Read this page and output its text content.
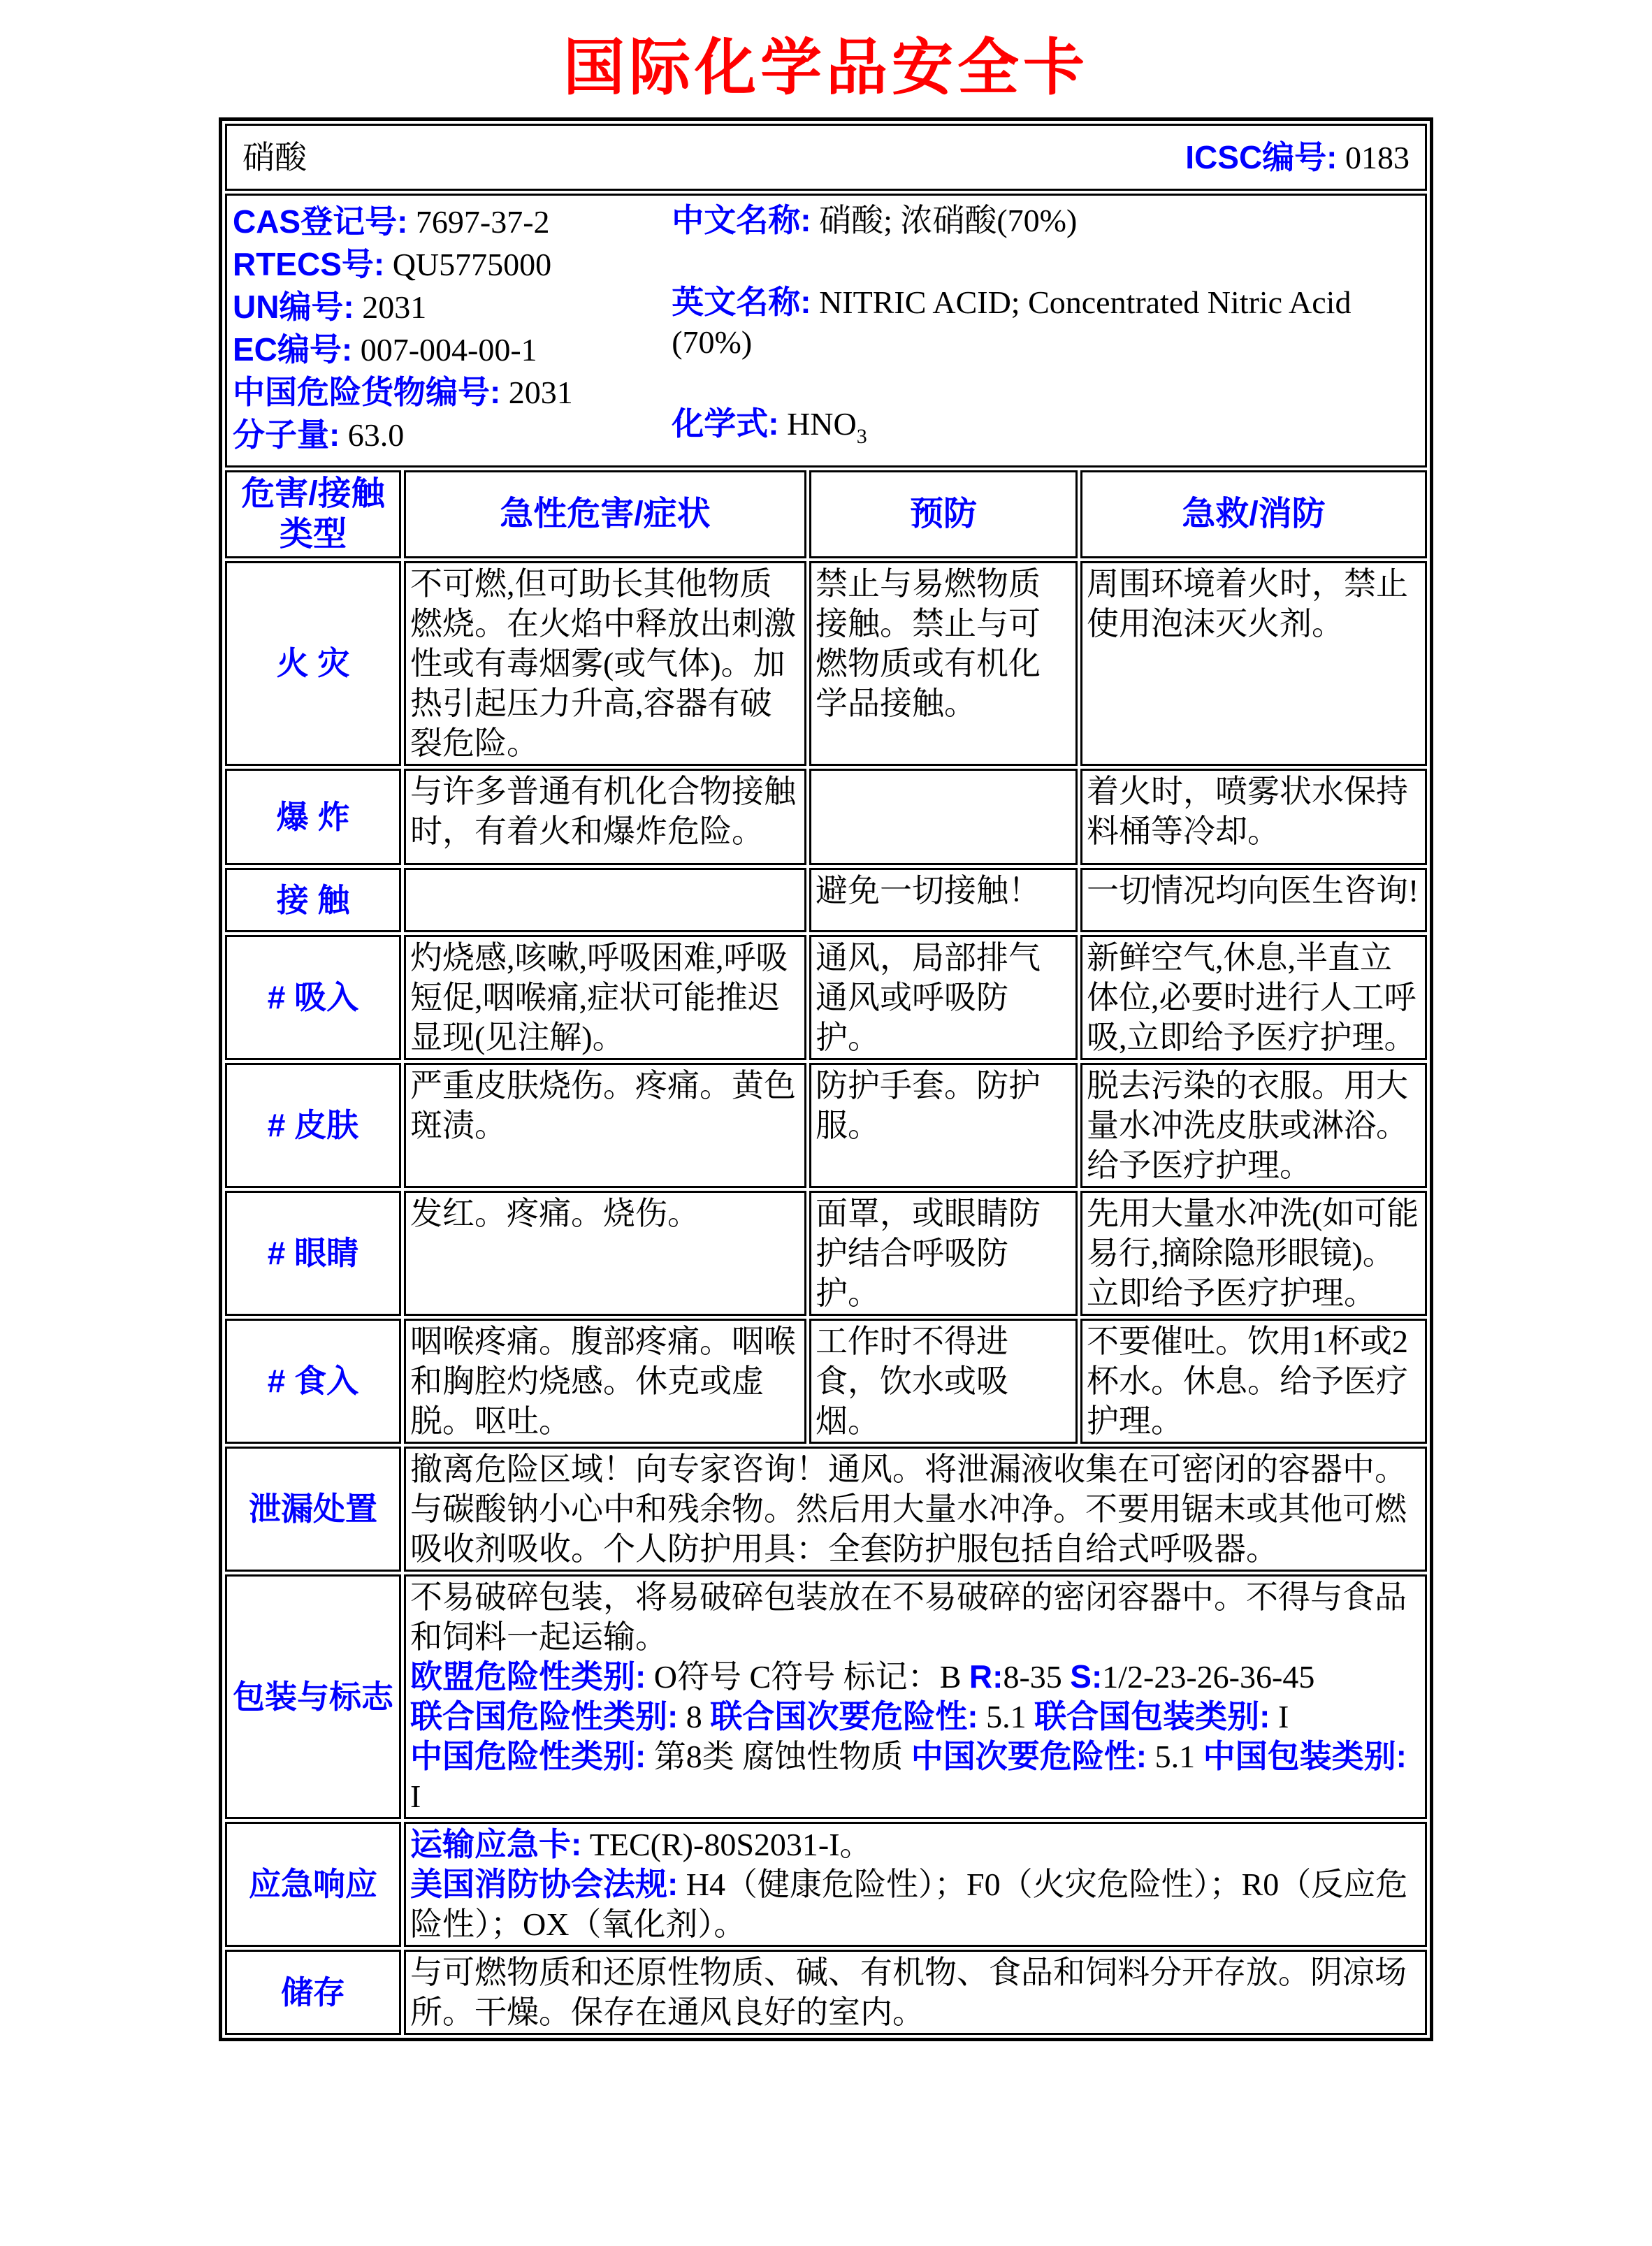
国际化学品安全卡
硝酸 ICSC编号: 0183			

CAS登记号: 7697-37-2
RTECS号: QU5775000
UN编号: 2031
EC编号: 007-004-00-1
中国危险货物编号: 2031
分子量: 63.0
中文名称: 硝酸; 浓硝酸(70%)
英文名称: NITRIC ACID; Concentrated Nitric Acid (70%)
化学式: $HNO_3$

危害/接触
类型	急性危害/症状	预防	急救/消防
火 灾	不可燃,但可助长其他物质燃烧。在火焰中释放出刺激性或有毒烟雾(或气体)。加热引起压力升高,容器有破裂危险。	禁止与易燃物质接触。禁止与可燃物质或有机化学品接触。	周围环境着火时，禁止使用泡沫灭火剂。
爆 炸	与许多普通有机化合物接触时，有着火和爆炸危险。		着火时，喷雾状水保持料桶等冷却。
接 触		避免一切接触！	一切情况均向医生咨询!
# 吸入	灼烧感,咳嗽,呼吸困难,呼吸短促,咽喉痛,症状可能推迟显现(见注解)。	通风，局部排气通风或呼吸防护。	新鲜空气,休息,半直立体位,必要时进行人工呼吸,立即给予医疗护理。
# 皮肤	严重皮肤烧伤。疼痛。黄色斑渍。	防护手套。防护服。	脱去污染的衣服。用大量水冲洗皮肤或淋浴。给予医疗护理。
# 眼睛	发红。疼痛。烧伤。	面罩，或眼睛防护结合呼吸防护。	先用大量水冲洗(如可能易行,摘除隐形眼镜)。立即给予医疗护理。
# 食入	咽喉疼痛。腹部疼痛。咽喉和胸腔灼烧感。休克或虚脱。呕吐。	工作时不得进食，饮水或吸烟。	不要催吐。饮用1杯或2杯水。休息。给予医疗护理。
泄漏处置	撤离危险区域！向专家咨询！通风。将泄漏液收集在可密闭的容器中。与碳酸钠小心中和残余物。然后用大量水冲净。不要用锯末或其他可燃吸收剂吸收。个人防护用具：全套防护服包括自给式呼吸器。		
包装与标志	不易破碎包装，将易破碎包装放在不易破碎的密闭容器中。不得与食品和饲料一起运输。
欧盟危险性类别: O符号 C符号 标记：B R:8-35 S:1/2-23-26-36-45
联合国危险性类别: 8 联合国次要危险性: 5.1 联合国包装类别: I
中国危险性类别: 第8类 腐蚀性物质 中国次要危险性: 5.1 中国包装类别: I		

应急响应	运输应急卡: TEC(R)-80S2031-I。
美国消防协会法规: H4（健康危险性）；F0（火灾危险性）；R0（反应危险性）；OX（氧化剂）。		

储存	与可燃物质和还原性物质、碱、有机物、食品和饲料分开存放。阴凉场所。干燥。保存在通风良好的室内。		
